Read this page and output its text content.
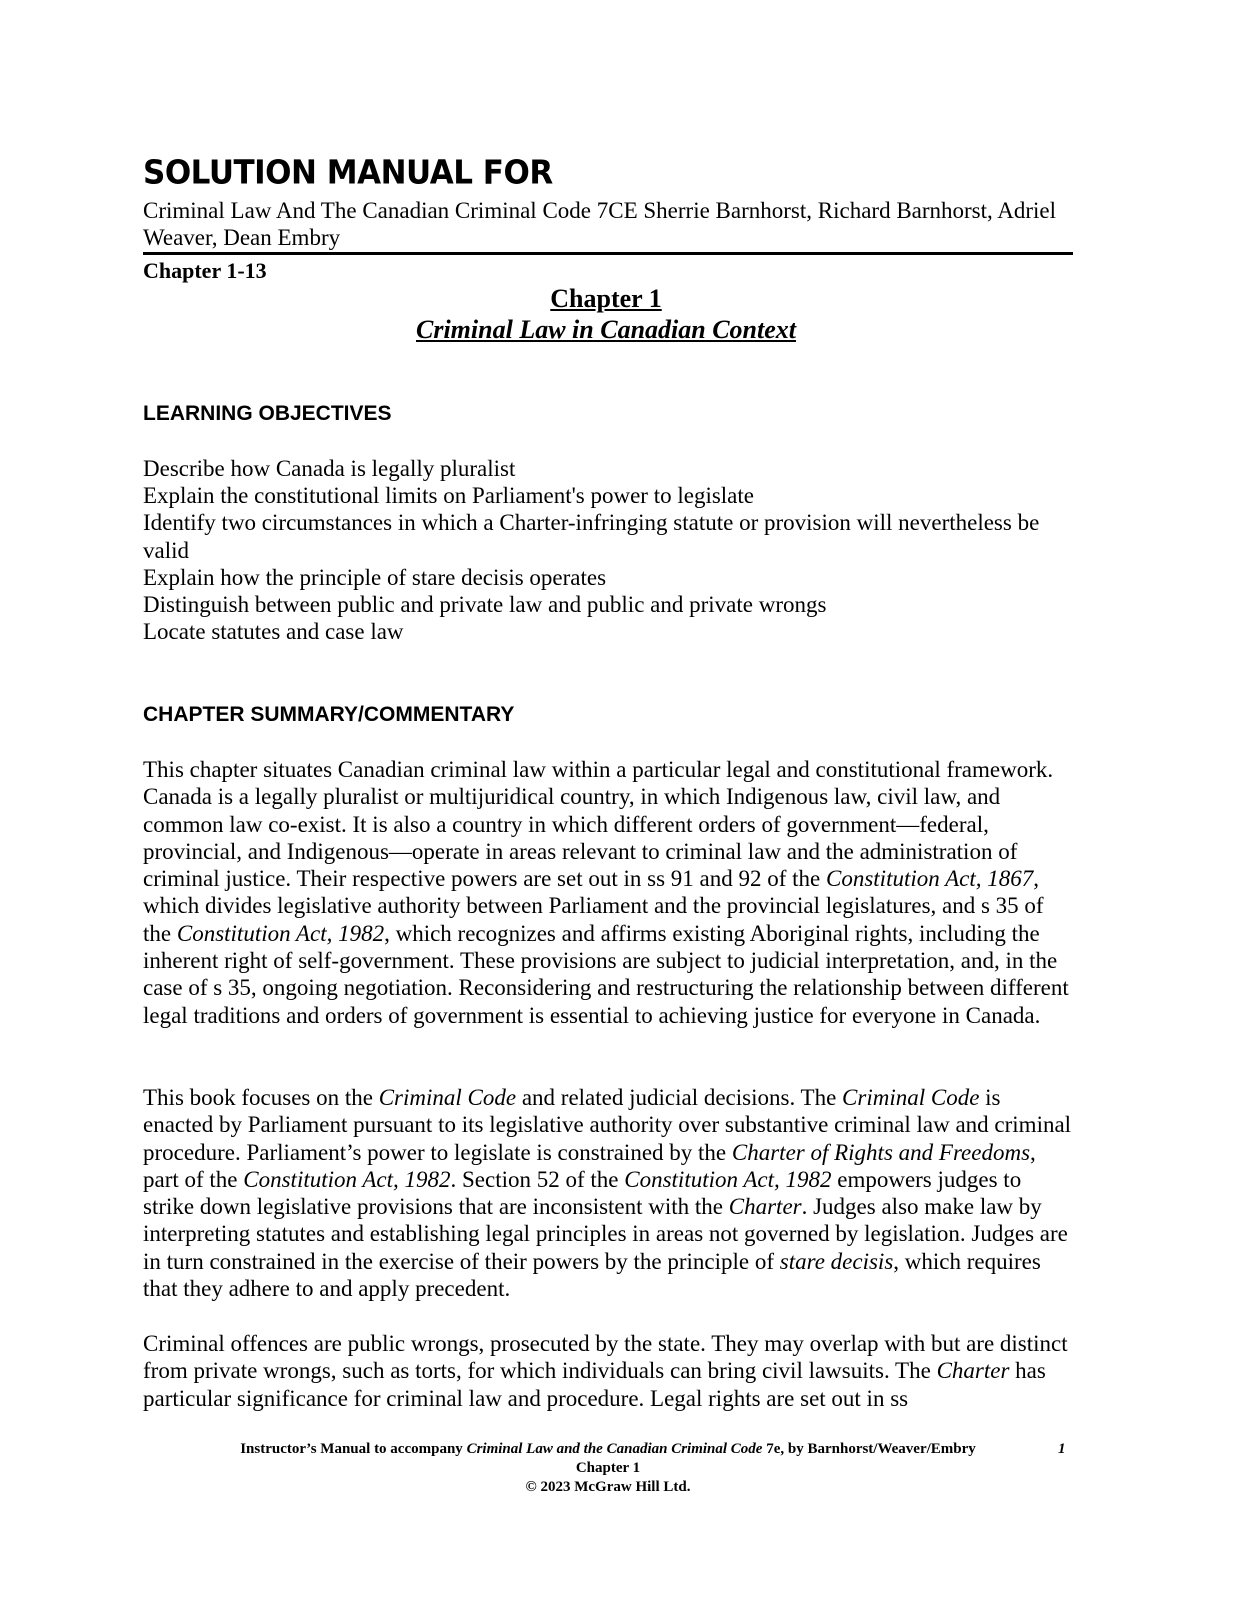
SOLUTION MANUAL FOR
Criminal Law And The Canadian Criminal Code 7CE Sherrie Barnhorst, Richard Barnhorst, Adriel Weaver, Dean Embry
Chapter 1-13
Chapter 1
Criminal Law in Canadian Context
LEARNING OBJECTIVES
Describe how Canada is legally pluralist
Explain the constitutional limits on Parliament's power to legislate
Identify two circumstances in which a Charter-infringing statute or provision will nevertheless be valid
Explain how the principle of stare decisis operates
Distinguish between public and private law and public and private wrongs
Locate statutes and case law
CHAPTER SUMMARY/COMMENTARY

This chapter situates Canadian criminal law within a particular legal and constitutional framework. Canada is a legally pluralist or multijuridical country, in which Indigenous law, civil law, and common law co-exist. It is also a country in which different orders of government—federal, provincial, and Indigenous—operate in areas relevant to criminal law and the administration of criminal justice. Their respective powers are set out in ss 91 and 92 of the Constitution Act, 1867, which divides legislative authority between Parliament and the provincial legislatures, and s 35 of the Constitution Act, 1982, which recognizes and affirms existing Aboriginal rights, including the inherent right of self-government. These provisions are subject to judicial interpretation, and, in the case of s 35, ongoing negotiation. Reconsidering and restructuring the relationship between different legal traditions and orders of government is essential to achieving justice for everyone in Canada.

This book focuses on the Criminal Code and related judicial decisions. The Criminal Code is enacted by Parliament pursuant to its legislative authority over substantive criminal law and criminal procedure. Parliament’s power to legislate is constrained by the Charter of Rights and Freedoms, part of the Constitution Act, 1982. Section 52 of the Constitution Act, 1982 empowers judges to strike down legislative provisions that are inconsistent with the Charter. Judges also make law by interpreting statutes and establishing legal principles in areas not governed by legislation. Judges are in turn constrained in the exercise of their powers by the principle of stare decisis, which requires that they adhere to and apply precedent.

Criminal offences are public wrongs, prosecuted by the state. They may overlap with but are distinct from private wrongs, such as torts, for which individuals can bring civil lawsuits. The Charter has particular significance for criminal law and procedure. Legal rights are set out in ss

Instructor’s Manual to accompany Criminal Law and the Canadian Criminal Code 7e, by Barnhorst/Weaver/Embry
Chapter 1
© 2023 McGraw Hill Ltd.
1
